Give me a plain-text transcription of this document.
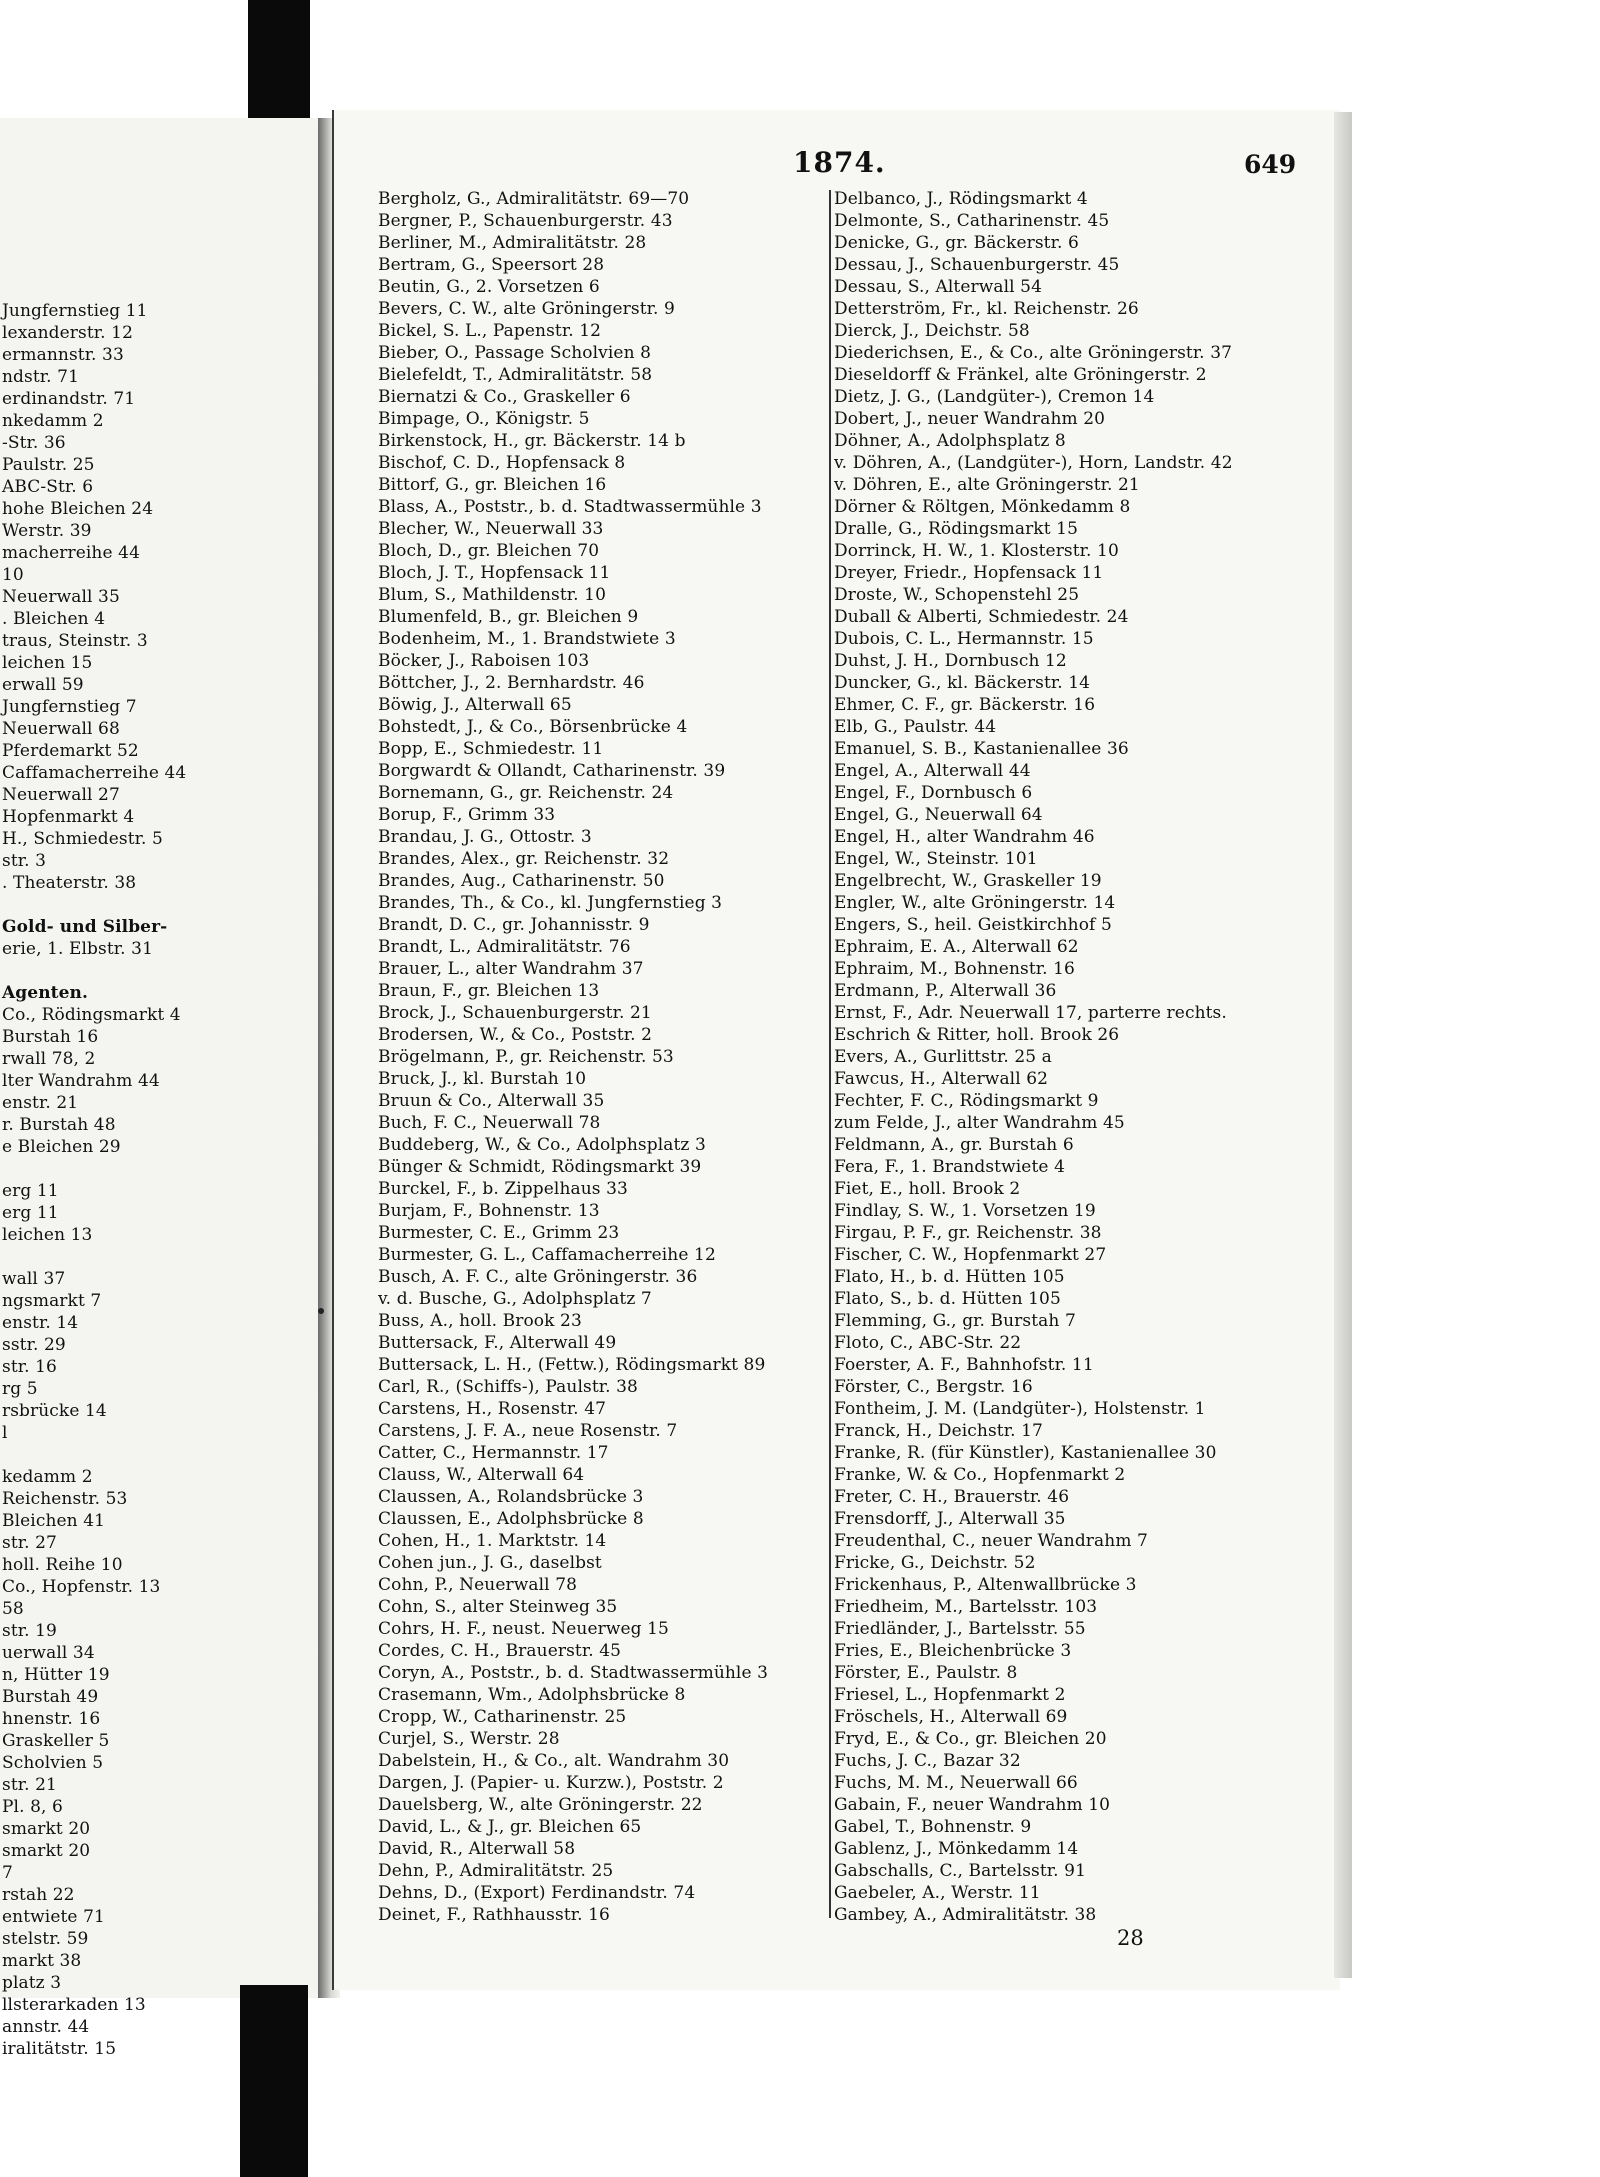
Jungfernstieg 11
lexanderstr. 12
ermannstr. 33
ndstr. 71
erdinandstr. 71
nkedamm 2
-Str. 36
Paulstr. 25
ABC-Str. 6
hohe Bleichen 24
Werstr. 39
macherreihe 44
10
Neuerwall 35
. Bleichen 4
traus, Steinstr. 3
leichen 15
erwall 59
Jungfernstieg 7
Neuerwall 68
Pferdemarkt 52
Caffamacherreihe 44
Neuerwall 27
Hopfenmarkt 4
H., Schmiedestr. 5
str. 3
. Theaterstr. 38
Gold- und Silber-
erie, 1. Elbstr. 31
Agenten.
Co., Rödingsmarkt 4
Burstah 16
rwall 78, 2
lter Wandrahm 44
enstr. 21
r. Burstah 48
e Bleichen 29
erg 11
erg 11
leichen 13
wall 37
ngsmarkt 7
enstr. 14
sstr. 29
str. 16
rg 5
rsbrücke 14
l
kedamm 2
Reichenstr. 53
Bleichen 41
str. 27
holl. Reihe 10
Co., Hopfenstr. 13
58
str. 19
uerwall 34
n, Hütter 19
Burstah 49
hnenstr. 16
Graskeller 5
Scholvien 5
str. 21
Pl. 8, 6
smarkt 20
smarkt 20
7
rstah 22
entwiete 71
stelstr. 59
markt 38
platz 3
llsterarkaden 13
annstr. 44
iralitätstr. 15
1874.	649
Bergholz, G., Admiralitätstr. 69—70
Bergner, P., Schauenburgerstr. 43
Berliner, M., Admiralitätstr. 28
Bertram, G., Speersort 28
Beutin, G., 2. Vorsetzen 6
Bevers, C. W., alte Gröningerstr. 9
Bickel, S. L., Papenstr. 12
Bieber, O., Passage Scholvien 8
Bielefeldt, T., Admiralitätstr. 58
Biernatzi & Co., Graskeller 6
Bimpage, O., Königstr. 5
Birkenstock, H., gr. Bäckerstr. 14 b
Bischof, C. D., Hopfensack 8
Bittorf, G., gr. Bleichen 16
Blass, A., Poststr., b. d. Stadtwassermühle 3
Blecher, W., Neuerwall 33
Bloch, D., gr. Bleichen 70
Bloch, J. T., Hopfensack 11
Blum, S., Mathildenstr. 10
Blumenfeld, B., gr. Bleichen 9
Bodenheim, M., 1. Brandstwiete 3
Böcker, J., Raboisen 103
Böttcher, J., 2. Bernhardstr. 46
Böwig, J., Alterwall 65
Bohstedt, J., & Co., Börsenbrücke 4
Bopp, E., Schmiedestr. 11
Borgwardt & Ollandt, Catharinenstr. 39
Bornemann, G., gr. Reichenstr. 24
Borup, F., Grimm 33
Brandau, J. G., Ottostr. 3
Brandes, Alex., gr. Reichenstr. 32
Brandes, Aug., Catharinenstr. 50
Brandes, Th., & Co., kl. Jungfernstieg 3
Brandt, D. C., gr. Johannisstr. 9
Brandt, L., Admiralitätstr. 76
Brauer, L., alter Wandrahm 37
Braun, F., gr. Bleichen 13
Brock, J., Schauenburgerstr. 21
Brodersen, W., & Co., Poststr. 2
Brögelmann, P., gr. Reichenstr. 53
Bruck, J., kl. Burstah 10
Bruun & Co., Alterwall 35
Buch, F. C., Neuerwall 78
Buddeberg, W., & Co., Adolphsplatz 3
Bünger & Schmidt, Rödingsmarkt 39
Burckel, F., b. Zippelhaus 33
Burjam, F., Bohnenstr. 13
Burmester, C. E., Grimm 23
Burmester, G. L., Caffamacherreihe 12
Busch, A. F. C., alte Gröningerstr. 36
v. d. Busche, G., Adolphsplatz 7
Buss, A., holl. Brook 23
Buttersack, F., Alterwall 49
Buttersack, L. H., (Fettw.), Rödingsmarkt 89
Carl, R., (Schiffs-), Paulstr. 38
Carstens, H., Rosenstr. 47
Carstens, J. F. A., neue Rosenstr. 7
Catter, C., Hermannstr. 17
Clauss, W., Alterwall 64
Claussen, A., Rolandsbrücke 3
Claussen, E., Adolphsbrücke 8
Cohen, H., 1. Marktstr. 14
Cohen jun., J. G., daselbst
Cohn, P., Neuerwall 78
Cohn, S., alter Steinweg 35
Cohrs, H. F., neust. Neuerweg 15
Cordes, C. H., Brauerstr. 45
Coryn, A., Poststr., b. d. Stadtwassermühle 3
Crasemann, Wm., Adolphsbrücke 8
Cropp, W., Catharinenstr. 25
Curjel, S., Werstr. 28
Dabelstein, H., & Co., alt. Wandrahm 30
Dargen, J. (Papier- u. Kurzw.), Poststr. 2
Dauelsberg, W., alte Gröningerstr. 22
David, L., & J., gr. Bleichen 65
David, R., Alterwall 58
Dehn, P., Admiralitätstr. 25
Dehns, D., (Export) Ferdinandstr. 74
Deinet, F., Rathhausstr. 16
Delbanco, J., Rödingsmarkt 4
Delmonte, S., Catharinenstr. 45
Denicke, G., gr. Bäckerstr. 6
Dessau, J., Schauenburgerstr. 45
Dessau, S., Alterwall 54
Detterström, Fr., kl. Reichenstr. 26
Dierck, J., Deichstr. 58
Diederichsen, E., & Co., alte Gröningerstr. 37
Dieseldorff & Fränkel, alte Gröningerstr. 2
Dietz, J. G., (Landgüter-), Cremon 14
Dobert, J., neuer Wandrahm 20
Döhner, A., Adolphsplatz 8
v. Döhren, A., (Landgüter-), Horn, Landstr. 42
v. Döhren, E., alte Gröningerstr. 21
Dörner & Röltgen, Mönkedamm 8
Dralle, G., Rödingsmarkt 15
Dorrinck, H. W., 1. Klosterstr. 10
Dreyer, Friedr., Hopfensack 11
Droste, W., Schopenstehl 25
Duball & Alberti, Schmiedestr. 24
Dubois, C. L., Hermannstr. 15
Duhst, J. H., Dornbusch 12
Duncker, G., kl. Bäckerstr. 14
Ehmer, C. F., gr. Bäckerstr. 16
Elb, G., Paulstr. 44
Emanuel, S. B., Kastanienallee 36
Engel, A., Alterwall 44
Engel, F., Dornbusch 6
Engel, G., Neuerwall 64
Engel, H., alter Wandrahm 46
Engel, W., Steinstr. 101
Engelbrecht, W., Graskeller 19
Engler, W., alte Gröningerstr. 14
Engers, S., heil. Geistkirchhof 5
Ephraim, E. A., Alterwall 62
Ephraim, M., Bohnenstr. 16
Erdmann, P., Alterwall 36
Ernst, F., Adr. Neuerwall 17, parterre rechts.
Eschrich & Ritter, holl. Brook 26
Evers, A., Gurlittstr. 25 a
Fawcus, H., Alterwall 62
Fechter, F. C., Rödingsmarkt 9
zum Felde, J., alter Wandrahm 45
Feldmann, A., gr. Burstah 6
Fera, F., 1. Brandstwiete 4
Fiet, E., holl. Brook 2
Findlay, S. W., 1. Vorsetzen 19
Firgau, P. F., gr. Reichenstr. 38
Fischer, C. W., Hopfenmarkt 27
Flato, H., b. d. Hütten 105
Flato, S., b. d. Hütten 105
Flemming, G., gr. Burstah 7
Floto, C., ABC-Str. 22
Foerster, A. F., Bahnhofstr. 11
Förster, C., Bergstr. 16
Fontheim, J. M. (Landgüter-), Holstenstr. 1
Franck, H., Deichstr. 17
Franke, R. (für Künstler), Kastanienallee 30
Franke, W. & Co., Hopfenmarkt 2
Freter, C. H., Brauerstr. 46
Frensdorff, J., Alterwall 35
Freudenthal, C., neuer Wandrahm 7
Fricke, G., Deichstr. 52
Frickenhaus, P., Altenwallbrücke 3
Friedheim, M., Bartelsstr. 103
Friedländer, J., Bartelsstr. 55
Fries, E., Bleichenbrücke 3
Förster, E., Paulstr. 8
Friesel, L., Hopfenmarkt 2
Fröschels, H., Alterwall 69
Fryd, E., & Co., gr. Bleichen 20
Fuchs, J. C., Bazar 32
Fuchs, M. M., Neuerwall 66
Gabain, F., neuer Wandrahm 10
Gabel, T., Bohnenstr. 9
Gablenz, J., Mönkedamm 14
Gabschalls, C., Bartelsstr. 91
Gaebeler, A., Werstr. 11
Gambey, A., Admiralitätstr. 38
28
